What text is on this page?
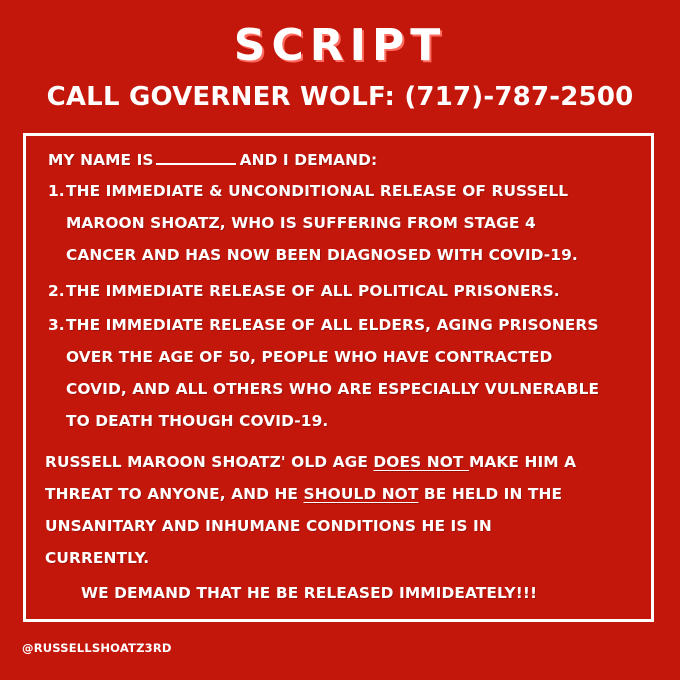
SCRIPT
CALL GOVERNER WOLF: (717)-787-2500
MY NAME IS	AND I DEMAND:
1. THE IMMEDIATE & UNCONDITIONAL RELEASE OF RUSSELL
MAROON SHOATZ, WHO IS SUFFERING FROM STAGE 4
CANCER AND HAS NOW BEEN DIAGNOSED WITH COVID-19.
2. THE IMMEDIATE RELEASE OF ALL POLITICAL PRISONERS.
3. THE IMMEDIATE RELEASE OF ALL ELDERS, AGING PRISONERS
OVER THE AGE OF 50, PEOPLE WHO HAVE CONTRACTED
COVID, AND ALL OTHERS WHO ARE ESPECIALLY VULNERABLE
TO DEATH THOUGH COVID-19.
RUSSELL MAROON SHOATZ' OLD AGE DOES NOT MAKE HIM A
THREAT TO ANYONE, AND HE SHOULD NOT BE HELD IN THE
UNSANITARY AND INHUMANE CONDITIONS HE IS IN
CURRENTLY.
WE DEMAND THAT HE BE RELEASED IMMIDEATELY!!!
@RUSSELLSHOATZ3RD
